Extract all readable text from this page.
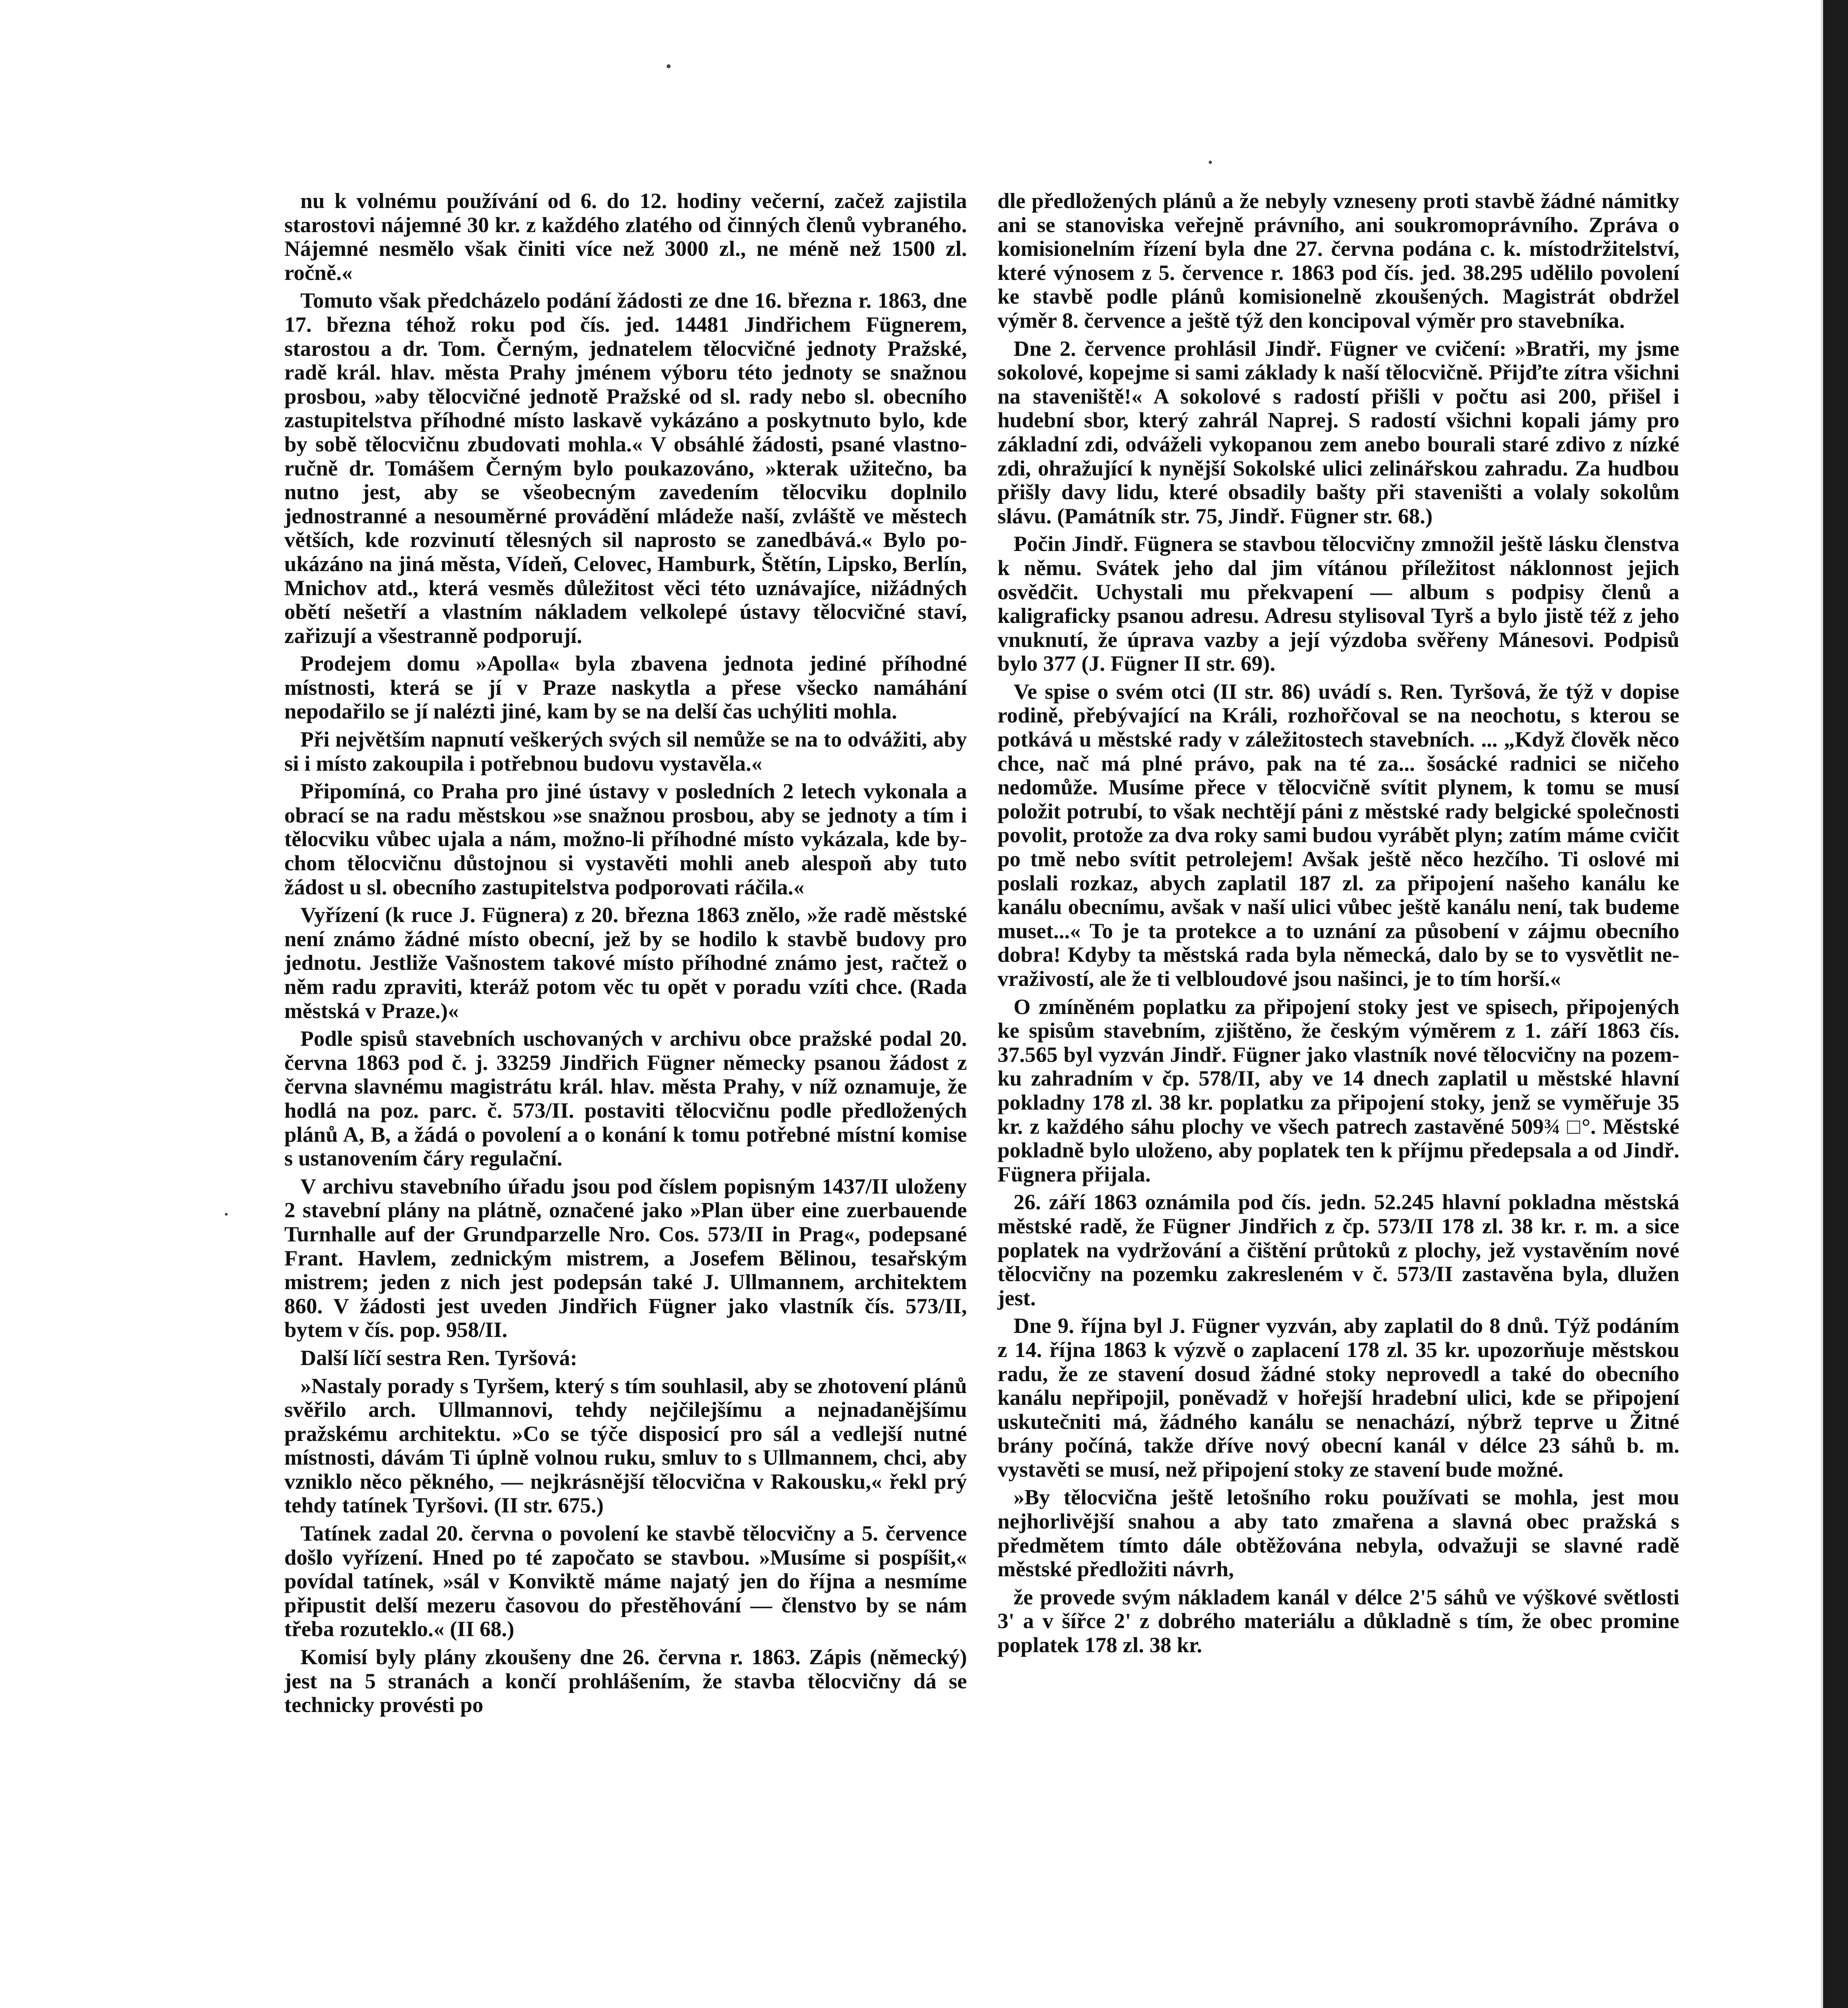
nu k volnému používání od 6. do 12. hodiny večerní, začež zajistila starostovi nájemné 30 kr. z každého zlatého od činných členů vybraného. Nájemné nesmělo však činiti více než 3000 zl., ne méně než 1500 zl. ročně.«

Tomuto však předcházelo podání žádosti ze dne 16. března r. 1863, dne 17. března téhož roku pod čís. jed. 14481 Jindřichem Fügnerem, starostou a dr. Tom. Černým, jednatelem tělocvičné jednoty Pražské, radě král. hlav. města Prahy jménem výboru této jednoty se snažnou prosbou, »aby tělocvičné jednotě Pražské od sl. rady nebo sl. obecního zastupitelstva příhodné místo laskavě vykázáno a poskytnuto bylo, kde by sobě tělocvičnu zbudovati mohla.« V obsáhlé žádosti, psané vlastnoručně dr. Tomášem Černým bylo poukazováno, »kterak užitečno, ba nutno jest, aby se všeobecným zavedením tělocviku doplnilo jednostranné a nesouměrné provádění mládeže naší, zvláště ve městech větších, kde rozvinutí tělesných sil naprosto se zanedbává.« Bylo poukázáno na jiná města, Vídeň, Celovec, Hamburk, Štětín, Lipsko, Berlín, Mnichov atd., která vesměs důležitost věci této uznávajíce, nižádných obětí nešetří a vlastním nákladem velkolepé ústavy tělocvičné staví, zařizují a všestranně podporují.

Prodejem domu »Apolla« byla zbavena jednota jediné příhodné místnosti, která se jí v Praze naskytla a přese všecko namáhání nepodařilo se jí nalézti jiné, kam by se na delší čas uchýliti mohla.

Při největším napnutí veškerých svých sil nemůže se na to odvážiti, aby si i místo zakoupila i potřebnou budovu vystavěla.«

Připomíná, co Praha pro jiné ústavy v posledních 2 letech vykonala a obrací se na radu městskou »se snažnou prosbou, aby se jednoty a tím i tělocviku vůbec ujala a nám, možno-li příhodné místo vykázala, kde bychom tělocvičnu důstojnou si vystavěti mohli aneb alespoň aby tuto žádost u sl. obecního zastupitelstva podporovati ráčila.«

Vyřízení (k ruce J. Fügnera) z 20. března 1863 znělo, »že radě městské není známo žádné místo obecní, jež by se hodilo k stavbě budovy pro jednotu. Jestliže Vašnostem takové místo příhodné známo jest, račtež o něm radu zpraviti, kteráž potom věc tu opět v poradu vzíti chce. (Rada městská v Praze.)«

Podle spisů stavebních uschovaných v archivu obce pražské podal 20. června 1863 pod č. j. 33259 Jindřich Fügner německy psanou žádost z června slavnému magistrátu král. hlav. města Prahy, v níž oznamuje, že hodlá na poz. parc. č. 573/II. postaviti tělocvičnu podle předložených plánů A, B, a žádá o povolení a o konání k tomu potřebné místní komise s ustanovením čáry regulační.

V archivu stavebního úřadu jsou pod číslem popisným 1437/II uloženy 2 stavební plány na plátně, označené jako »Plan über eine zuerbauende Turnhalle auf der Grundparzelle Nro. Cos. 573/II in Prag«, podepsané Frant. Havlem, zednickým mistrem, a Josefem Bělinou, tesařským mistrem; jeden z nich jest podepsán také J. Ullmannem, architektem 860. V žádosti jest uveden Jindřich Fügner jako vlastník čís. 573/II, bytem v čís. pop. 958/II.

Další líčí sestra Ren. Tyršová:

»Nastaly porady s Tyršem, který s tím souhlasil, aby se zhotovení plánů svěřilo arch. Ullmannovi, tehdy nejčilejšímu a nejnadanějšímu pražskému architektu. »Co se týče disposicí pro sál a vedlejší nutné místnosti, dávám Ti úplně volnou ruku, smluv to s Ullmannem, chci, aby vzniklo něco pěkného, — nejkrásnější tělocvična v Rakousku,« řekl prý tehdy tatínek Tyršovi. (II str. 675.)

Tatínek zadal 20. června o povolení ke stavbě tělocvičny a 5. července došlo vyřízení. Hned po té započato se stavbou. »Musíme si pospíšit,« povídal tatínek, »sál v Konviktě máme najatý jen do října a nesmíme připustit delší mezeru časovou do přestěhování — členstvo by se nám třeba rozuteklo.« (II 68.)

Komisí byly plány zkoušeny dne 26. června r. 1863. Zápis (německý) jest na 5 stranách a končí prohlášením, že stavba tělocvičny dá se technicky provésti po

dle předložených plánů a že nebyly vzneseny proti stavbě žádné námitky ani se stanoviska veřejně právního, ani soukromoprávního. Zpráva o komisionelním řízení byla dne 27. června podána c. k. místodržitelství, které výnosem z 5. července r. 1863 pod čís. jed. 38.295 udělilo povolení ke stavbě podle plánů komisionelně zkoušených. Magistrát obdržel výměr 8. července a ještě týž den koncipoval výměr pro stavebníka.

Dne 2. července prohlásil Jindř. Fügner ve cvičení: »Bratři, my jsme sokolové, kopejme si sami základy k naší tělocvičně. Přijďte zítra všichni na staveniště!« A sokolové s radostí přišli v počtu asi 200, přišel i hudební sbor, který zahrál Naprej. S radostí všichni kopali jámy pro základní zdi, odváželi vykopanou zem anebo bourali staré zdivo z nízké zdi, ohražující k nynější Sokolské ulici zelinářskou zahradu. Za hudbou přišly davy lidu, které obsadily bašty při staveništi a volaly sokolům slávu. (Památník str. 75, Jindř. Fügner str. 68.)

Počin Jindř. Fügnera se stavbou tělocvičny zmnožil ještě lásku členstva k němu. Svátek jeho dal jim vítánou příležitost náklonnost jejich osvědčit. Uchystali mu překvapení — album s podpisy členů a kaligraficky psanou adresu. Adresu stylisoval Tyrš a bylo jistě též z jeho vnuknutí, že úprava vazby a její výzdoba svěřeny Mánesovi. Podpisů bylo 377 (J. Fügner II str. 69).

Ve spise o svém otci (II str. 86) uvádí s. Ren. Tyršová, že týž v dopise rodině, přebývající na Králi, rozhořčoval se na neochotu, s kterou se potkává u městské rady v záležitostech stavebních. ... „Když člověk něco chce, nač má plné právo, pak na té za... šosácké radnici se ničeho nedomůže. Musíme přece v tělocvičně svítit plynem, k tomu se musí položit potrubí, to však nechtějí páni z městské rady belgické společnosti povolit, protože za dva roky sami budou vyrábět plyn; zatím máme cvičit po tmě nebo svítit petrolejem! Avšak ještě něco hezčího. Ti oslové mi poslali rozkaz, abych zaplatil 187 zl. za připojení našeho kanálu ke kanálu obecnímu, avšak v naší ulici vůbec ještě kanálu není, tak budeme muset...« To je ta protekce a to uznání za působení v zájmu obecního dobra! Kdyby ta městská rada byla německá, dalo by se to vysvětlit nevraživostí, ale že ti velbloudové jsou našinci, je to tím horší.«

O zmíněném poplatku za připojení stoky jest ve spisech, připojených ke spisům stavebním, zjištěno, že českým výměrem z 1. září 1863 čís. 37.565 byl vyzván Jindř. Fügner jako vlastník nové tělocvičny na pozemku zahradním v čp. 578/II, aby ve 14 dnech zaplatil u městské hlavní pokladny 178 zl. 38 kr. poplatku za připojení stoky, jenž se vyměřuje 35 kr. z každého sáhu plochy ve všech patrech zastavěné 509¾ □°. Městské pokladně bylo uloženo, aby poplatek ten k příjmu předepsala a od Jindř. Fügnera přijala.

26. září 1863 oznámila pod čís. jedn. 52.245 hlavní pokladna městská městské radě, že Fügner Jindřich z čp. 573/II 178 zl. 38 kr. r. m. a sice poplatek na vydržování a čištění průtoků z plochy, jež vystavěním nové tělocvičny na pozemku zakresleném v č. 573/II zastavěna byla, dlužen jest.

Dne 9. října byl J. Fügner vyzván, aby zaplatil do 8 dnů. Týž podáním z 14. října 1863 k výzvě o zaplacení 178 zl. 35 kr. upozorňuje městskou radu, že ze stavení dosud žádné stoky neprovedl a také do obecního kanálu nepřipojil, poněvadž v hořejší hradební ulici, kde se připojení uskutečniti má, žádného kanálu se nenachází, nýbrž teprve u Žitné brány počíná, takže dříve nový obecní kanál v délce 23 sáhů b. m. vystavěti se musí, než připojení stoky ze stavení bude možné.

»By tělocvična ještě letošního roku používati se mohla, jest mou nejhorlivější snahou a aby tato zmařena a slavná obec pražská s předmětem tímto dále obtěžována nebyla, odvažuji se slavné radě městské předložiti návrh,

že provede svým nákladem kanál v délce 2'5 sáhů ve výškové světlosti 3' a v šířce 2' z dobrého materiálu a důkladně s tím, že obec promine poplatek 178 zl. 38 kr.
